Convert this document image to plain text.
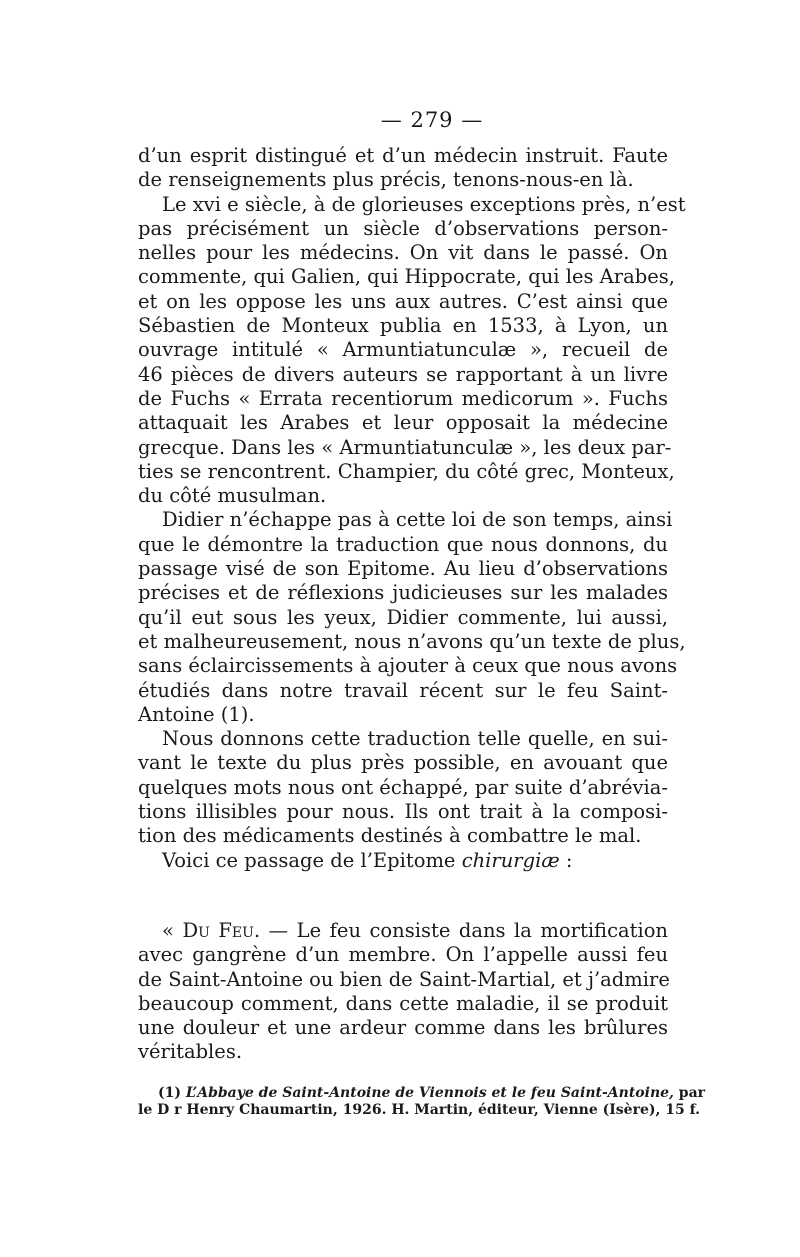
— 279 —
d’un esprit distingué et d’un médecin instruit. Faute
de renseignements plus précis, tenons-nous-en là.
Le xvi e siècle, à de glorieuses exceptions près, n’est
pas précisément un siècle d’observations person-
nelles pour les médecins. On vit dans le passé. On
commente, qui Galien, qui Hippocrate, qui les Arabes,
et on les oppose les uns aux autres. C’est ainsi que
Sébastien de Monteux publia en 1533, à Lyon, un
ouvrage intitulé « Armuntiatunculæ », recueil de
46 pièces de divers auteurs se rapportant à un livre
de Fuchs « Errata recentiorum medicorum ». Fuchs
attaquait les Arabes et leur opposait la médecine
grecque. Dans les « Armuntiatunculæ », les deux par-
ties se rencontrent. Champier, du côté grec, Monteux,
du côté musulman.
Didier n’échappe pas à cette loi de son temps, ainsi
que le démontre la traduction que nous donnons, du
passage visé de son Epitome. Au lieu d’observations
précises et de réflexions judicieuses sur les malades
qu’il eut sous les yeux, Didier commente, lui aussi,
et malheureusement, nous n’avons qu’un texte de plus,
sans éclaircissements à ajouter à ceux que nous avons
étudiés dans notre travail récent sur le feu Saint-
Antoine (1).
Nous donnons cette traduction telle quelle, en sui-
vant le texte du plus près possible, en avouant que
quelques mots nous ont échappé, par suite d’abrévia-
tions illisibles pour nous. Ils ont trait à la composi-
tion des médicaments destinés à combattre le mal.
Voici ce passage de l’Epitome chirurgiæ :
« Du Feu. — Le feu consiste dans la mortification
avec gangrène d’un membre. On l’appelle aussi feu
de Saint-Antoine ou bien de Saint-Martial, et j’admire
beaucoup comment, dans cette maladie, il se produit
une douleur et une ardeur comme dans les brûlures
véritables.
(1) L’Abbaye de Saint-Antoine de Viennois et le feu Saint-Antoine, par
le D r Henry Chaumartin, 1926. H. Martin, éditeur, Vienne (Isère), 15 f.
